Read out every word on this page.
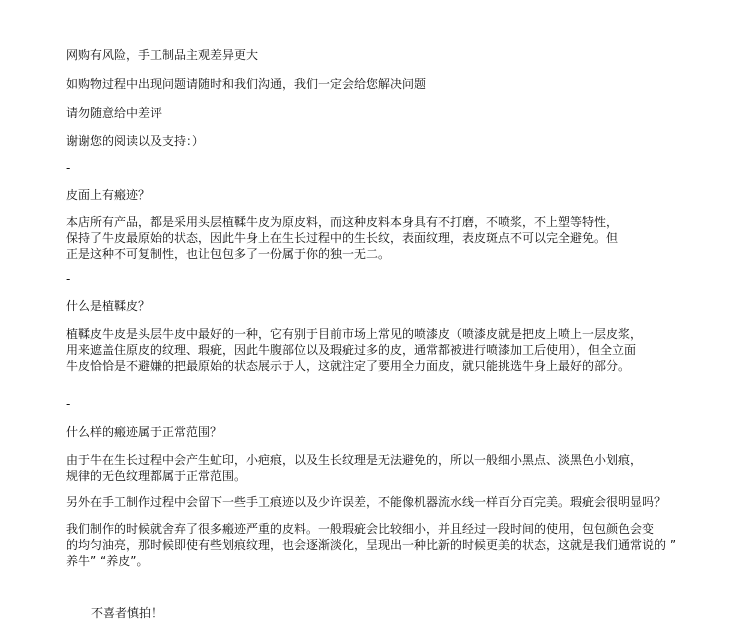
网购有风险，手工制品主观差异更大
如购物过程中出现问题请随时和我们沟通，我们一定会给您解决问题
请勿随意给中差评
谢谢您的阅读以及支持：）
-
皮面上有瘢迹？
本店所有产品，都是采用头层植鞣牛皮为原皮料，而这种皮料本身具有不打磨，不喷浆，不上塑等特性，
保持了牛皮最原始的状态，因此牛身上在生长过程中的生长纹，表面纹理，表皮斑点不可以完全避免。但
正是这种不可复制性，也让包包多了一份属于你的独一无二。
-
什么是植鞣皮？
植鞣皮牛皮是头层牛皮中最好的一种，它有别于目前市场上常见的喷漆皮（喷漆皮就是把皮上喷上一层皮浆，
用来遮盖住原皮的纹理、瑕疵，因此牛腹部位以及瑕疵过多的皮，通常都被进行喷漆加工后使用），但全立面
牛皮恰恰是不避嫌的把最原始的状态展示于人，这就注定了要用全力面皮，就只能挑选牛身上最好的部分。
-
什么样的瘢迹属于正常范围？
由于牛在生长过程中会产生虻印，小疤痕，以及生长纹理是无法避免的，所以一般细小黑点、淡黑色小划痕，
规律的无色纹理都属于正常范围。
另外在手工制作过程中会留下一些手工痕迹以及少许误差，不能像机器流水线一样百分百完美。瑕疵会很明显吗？
我们制作的时候就舍弃了很多瘢迹严重的皮料。一般瑕疵会比较细小，并且经过一段时间的使用，包包颜色会变
的均匀油亮，那时候即使有些划痕纹理，也会逐渐淡化，呈现出一种比新的时候更美的状态，这就是我们通常说的 ”
养牛” “养皮”。
不喜者慎拍！
